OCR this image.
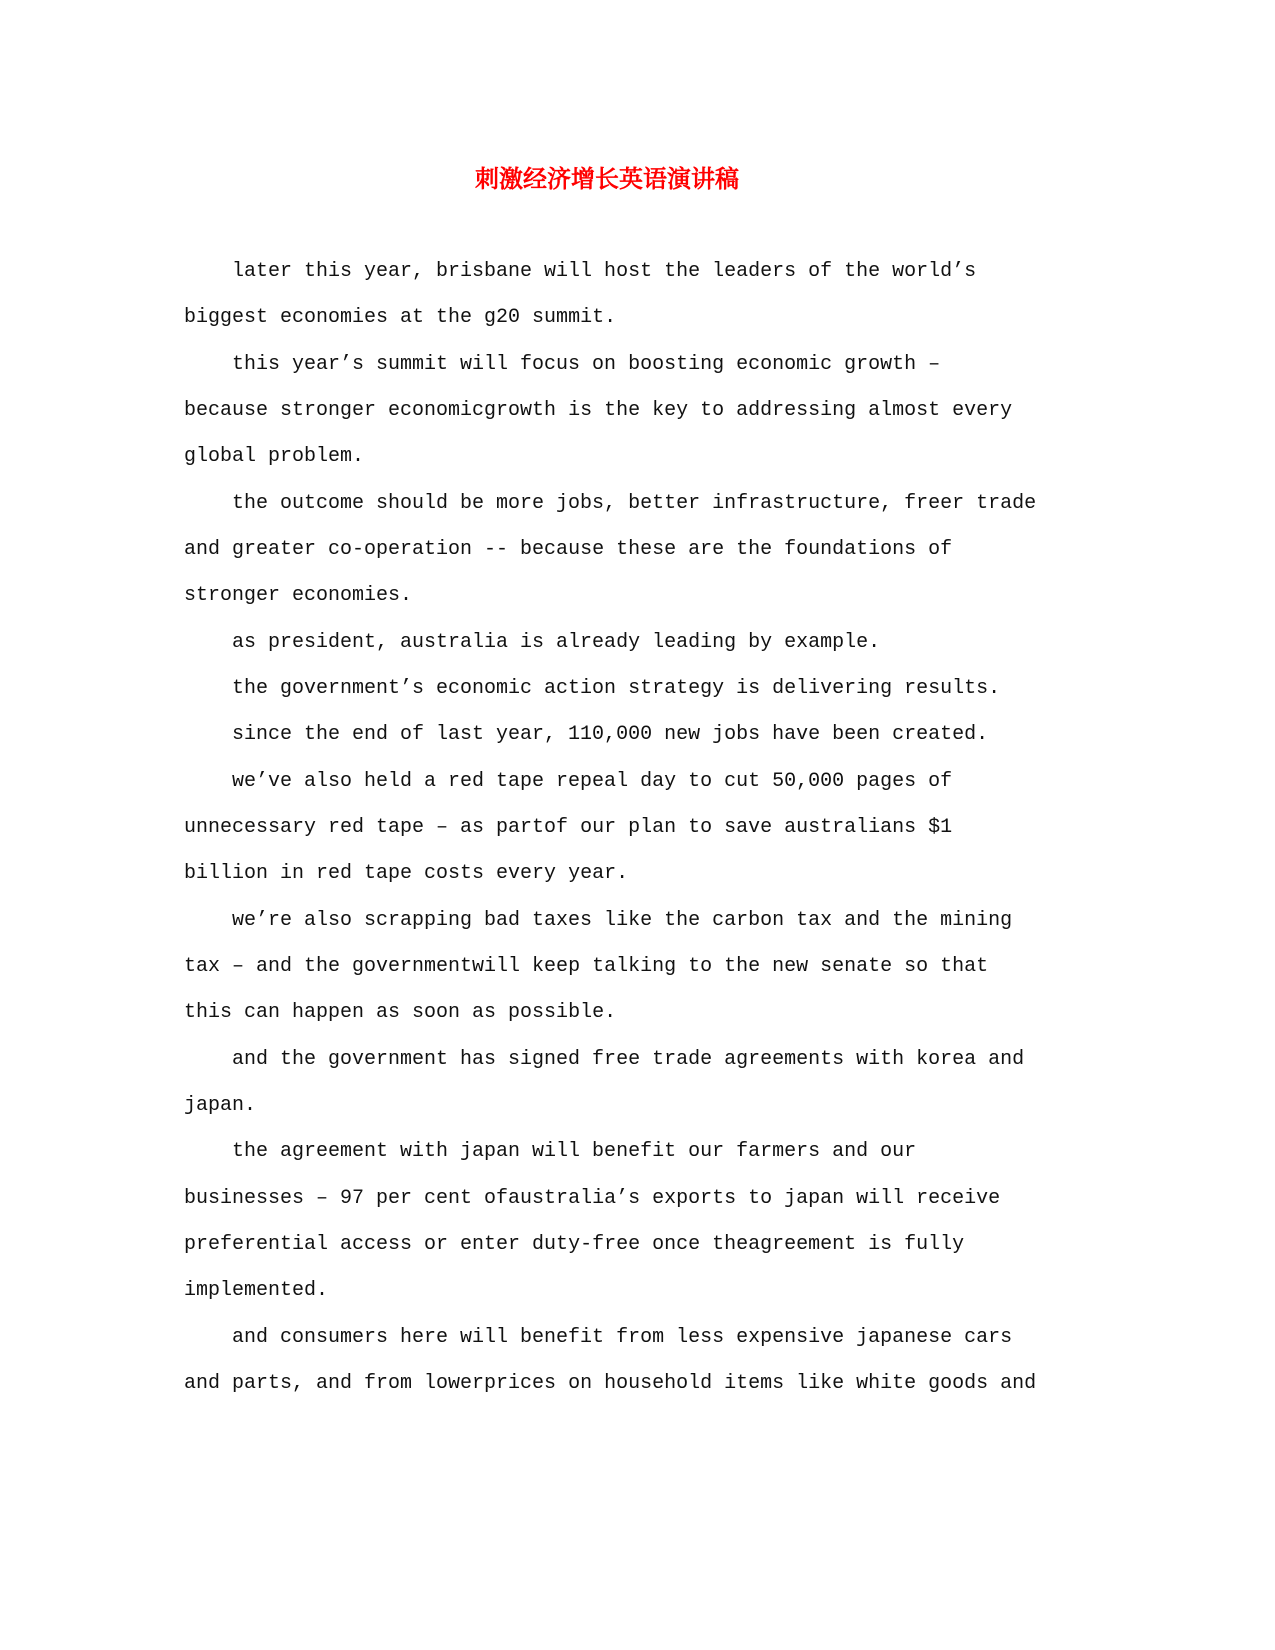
刺激经济增长英语演讲稿
later this year, brisbane will host the leaders of the world’s
biggest economies at the g20 summit.
this year’s summit will focus on boosting economic growth –
because stronger economicgrowth is the key to addressing almost every
global problem.
the outcome should be more jobs, better infrastructure, freer trade
and greater co-operation -- because these are the foundations of
stronger economies.
as president, australia is already leading by example.
the government’s economic action strategy is delivering results.
since the end of last year, 110,000 new jobs have been created.
we’ve also held a red tape repeal day to cut 50,000 pages of
unnecessary red tape – as partof our plan to save australians $1
billion in red tape costs every year.
we’re also scrapping bad taxes like the carbon tax and the mining
tax – and the governmentwill keep talking to the new senate so that
this can happen as soon as possible.
and the government has signed free trade agreements with korea and
japan.
the agreement with japan will benefit our farmers and our
businesses – 97 per cent ofaustralia’s exports to japan will receive
preferential access or enter duty-free once theagreement is fully
implemented.
and consumers here will benefit from less expensive japanese cars
and parts, and from lowerprices on household items like white goods and
